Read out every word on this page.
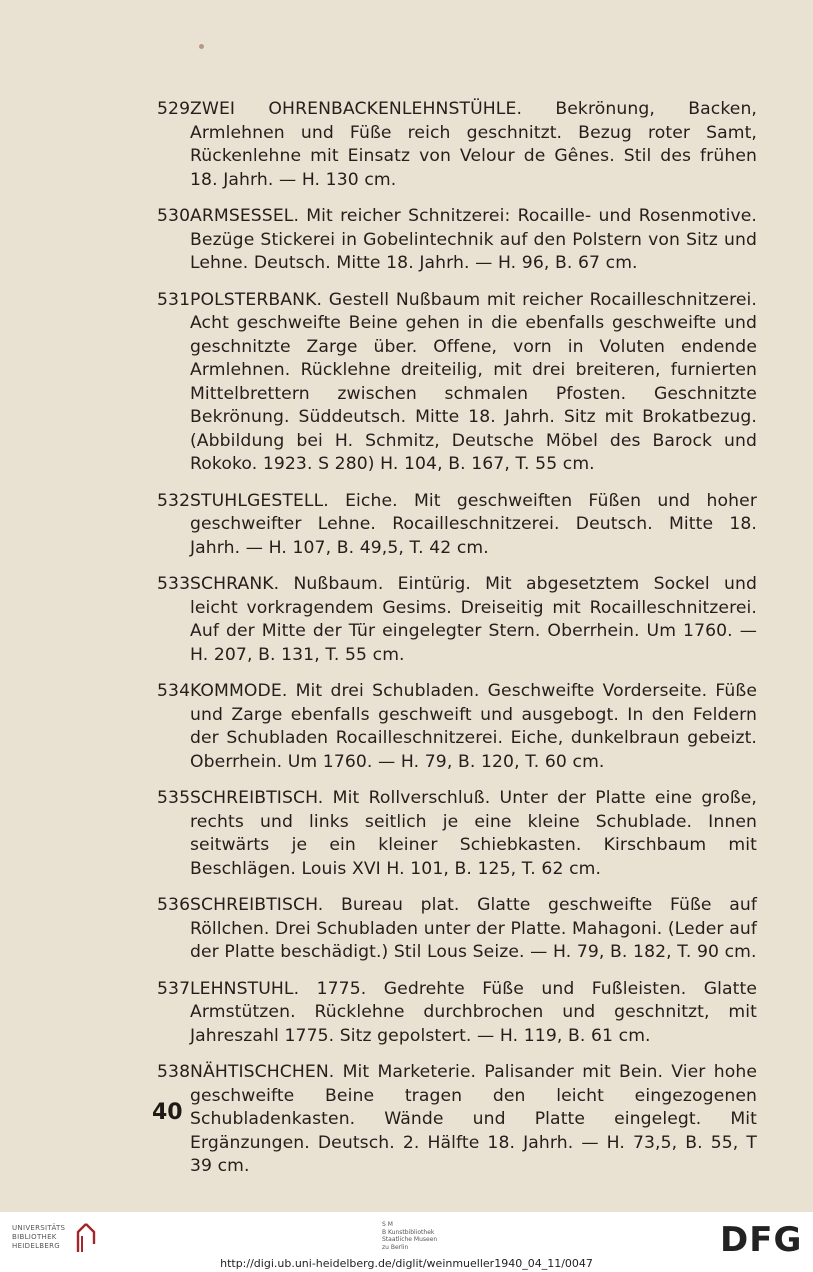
529 ZWEI OHRENBACKENLEHNSTÜHLE. Bekrönung, Backen, Armlehnen und Füße reich geschnitzt. Bezug roter Samt, Rückenlehne mit Einsatz von Velour de Gênes. Stil des frühen 18. Jahrh. — H. 130 cm.
530 ARMSESSEL. Mit reicher Schnitzerei: Rocaille- und Rosenmotive. Bezüge Stickerei in Gobelintechnik auf den Polstern von Sitz und Lehne. Deutsch. Mitte 18. Jahrh. — H. 96, B. 67 cm.
531 POLSTERBANK. Gestell Nußbaum mit reicher Rocailleschnitzerei. Acht geschweifte Beine gehen in die ebenfalls geschweifte und geschnitzte Zarge über. Offene, vorn in Voluten endende Armlehnen. Rücklehne dreiteilig, mit drei breiteren, furnierten Mittelbrettern zwischen schmalen Pfosten. Geschnitzte Bekrönung. Süddeutsch. Mitte 18. Jahrh. Sitz mit Brokatbezug. (Abbildung bei H. Schmitz, Deutsche Möbel des Barock und Rokoko. 1923. S 280) H. 104, B. 167, T. 55 cm.
532 STUHLGESTELL. Eiche. Mit geschweiften Füßen und hoher geschweifter Lehne. Rocailleschnitzerei. Deutsch. Mitte 18. Jahrh. — H. 107, B. 49,5, T. 42 cm.
533 SCHRANK. Nußbaum. Eintürig. Mit abgesetztem Sockel und leicht vorkragendem Gesims. Dreiseitig mit Rocailleschnitzerei. Auf der Mitte der Tür eingelegter Stern. Oberrhein. Um 1760. — H. 207, B. 131, T. 55 cm.
534 KOMMODE. Mit drei Schubladen. Geschweifte Vorderseite. Füße und Zarge ebenfalls geschweift und ausgebogt. In den Feldern der Schubladen Rocailleschnitzerei. Eiche, dunkelbraun gebeizt. Oberrhein. Um 1760. — H. 79, B. 120, T. 60 cm.
535 SCHREIBTISCH. Mit Rollverschluß. Unter der Platte eine große, rechts und links seitlich je eine kleine Schublade. Innen seitwärts je ein kleiner Schiebkasten. Kirschbaum mit Beschlägen. Louis XVI H. 101, B. 125, T. 62 cm.
536 SCHREIBTISCH. Bureau plat. Glatte geschweifte Füße auf Röllchen. Drei Schubladen unter der Platte. Mahagoni. (Leder auf der Platte beschädigt.) Stil Lous Seize. — H. 79, B. 182, T. 90 cm.
537 LEHNSTUHL. 1775. Gedrehte Füße und Fußleisten. Glatte Armstützen. Rücklehne durchbrochen und geschnitzt, mit Jahreszahl 1775. Sitz gepolstert. — H. 119, B. 61 cm.
538 NÄHTISCHCHEN. Mit Marketerie. Palisander mit Bein. Vier hohe geschweifte Beine tragen den leicht eingezogenen Schubladenkasten. Wände und Platte eingelegt. Mit Ergänzungen. Deutsch. 2. Hälfte 18. Jahrh. — H. 73,5, B. 55, T 39 cm.
40
UNIVERSITÄTS
BIBLIOTHEK
HEIDELBERG
S M
B Kunstbibliothek
Staatliche Museen
zu Berlin	DFG
http://digi.ub.uni-heidelberg.de/diglit/weinmueller1940_04_11/0047
